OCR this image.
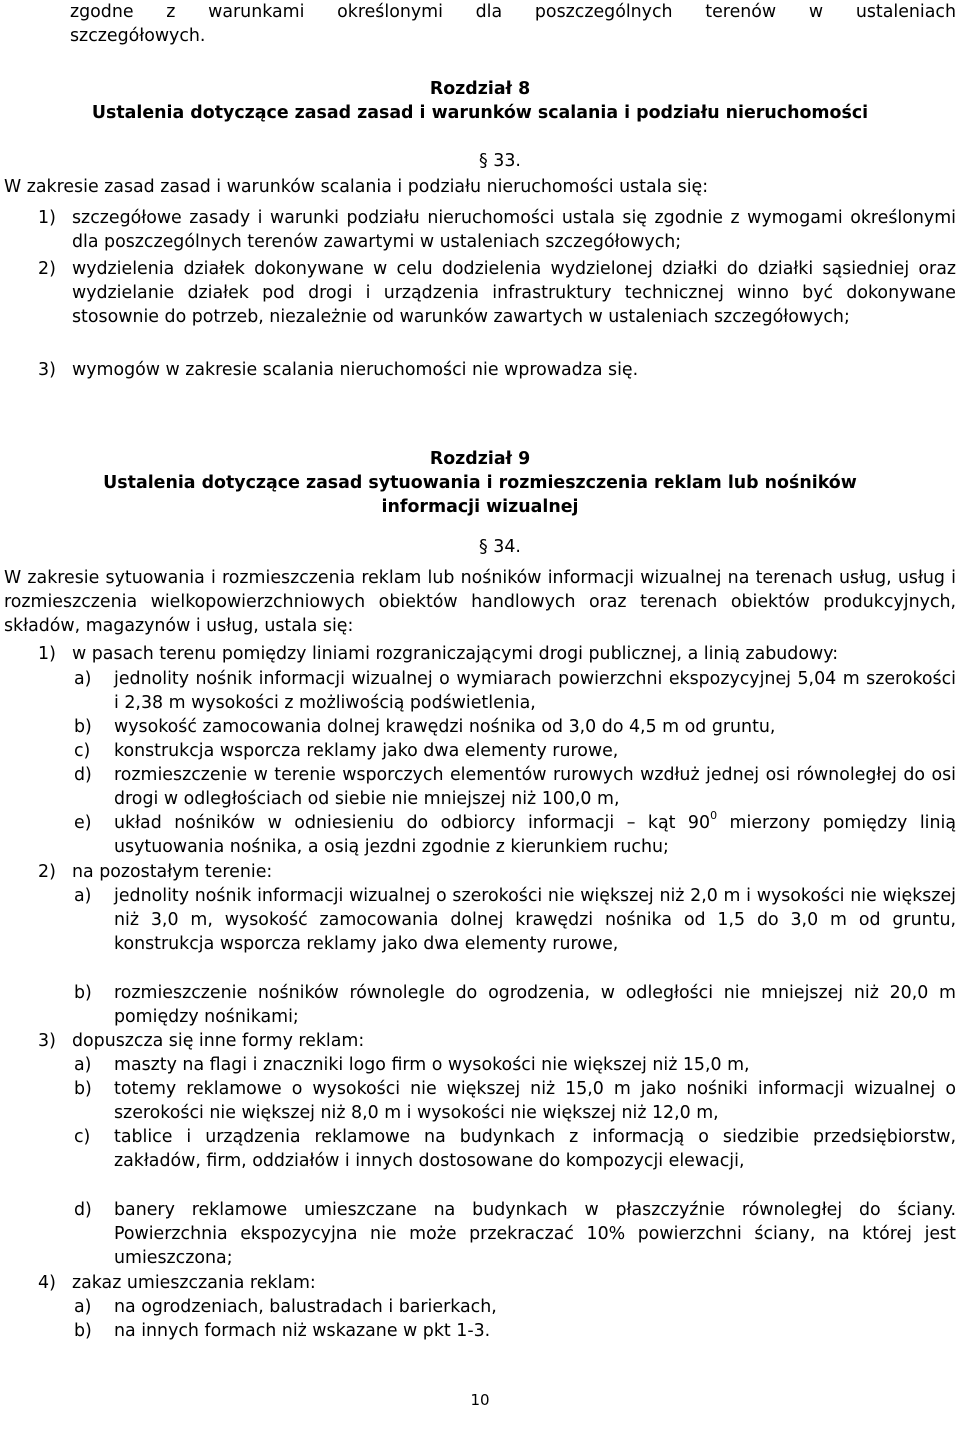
zgodne z warunkami określonymi dla poszczególnych terenów w ustaleniach

szczegółowych.

Rozdział 8

Ustalenia dotyczące zasad zasad i warunków scalania i podziału nieruchomości

§ 33.

W zakresie zasad zasad i warunków scalania i podziału nieruchomości ustala się:

1) szczegółowe zasady i warunki podziału nieruchomości ustala się zgodnie z wymogami określonymi dla poszczególnych terenów zawartymi w ustaleniach szczegółowych;
2) wydzielenia działek dokonywane w celu dodzielenia wydzielonej działki do działki sąsiedniej oraz wydzielanie działek pod drogi i urządzenia infrastruktury technicznej winno być dokonywane stosownie do potrzeb, niezależnie od warunków zawartych w ustaleniach szczegółowych;
3) wymogów w zakresie scalania nieruchomości nie wprowadza się.

Rozdział 9

Ustalenia dotyczące zasad sytuowania i rozmieszczenia reklam lub nośników

informacji wizualnej

§ 34.

W zakresie sytuowania i rozmieszczenia reklam lub nośników informacji wizualnej na terenach usług, usług i rozmieszczenia wielkopowierzchniowych obiektów handlowych oraz terenach obiektów produkcyjnych, składów, magazynów i usług, ustala się:

1) w pasach terenu pomiędzy liniami rozgraniczającymi drogi publicznej, a linią zabudowy:
a)	jednolity nośnik informacji wizualnej o wymiarach powierzchni ekspozycyjnej 5,04 m szerokości i 2,38 m wysokości z możliwością podświetlenia,
b)	wysokość zamocowania dolnej krawędzi nośnika od 3,0 do 4,5 m od gruntu,
c)	konstrukcja wsporcza reklamy jako dwa elementy rurowe,
d)	rozmieszczenie w terenie wsporczych elementów rurowych wzdłuż jednej osi równoległej do osi drogi w odległościach od siebie nie mniejszej niż 100,0 m,
e)	układ nośników w odniesieniu do odbiorcy informacji – kąt $90^0$ mierzony pomiędzy linią usytuowania nośnika, a osią jezdni zgodnie z kierunkiem ruchu;
2) na pozostałym terenie:
a)	jednolity nośnik informacji wizualnej o szerokości nie większej niż 2,0 m i wysokości nie większej niż 3,0 m, wysokość zamocowania dolnej krawędzi nośnika od 1,5 do 3,0 m od gruntu, konstrukcja wsporcza reklamy jako dwa elementy rurowe,
b)	rozmieszczenie nośników równolegle do ogrodzenia, w odległości nie mniejszej niż 20,0 m pomiędzy nośnikami;
3) dopuszcza się inne formy reklam:
a)	maszty na flagi i znaczniki logo firm o wysokości nie większej niż 15,0 m,
b)	totemy reklamowe o wysokości nie większej niż 15,0 m jako nośniki informacji wizualnej o szerokości nie większej niż 8,0 m i wysokości nie większej niż 12,0 m,
c)	tablice i urządzenia reklamowe na budynkach z informacją o siedzibie przedsiębiorstw, zakładów, firm, oddziałów i innych dostosowane do kompozycji elewacji,
d)	banery reklamowe umieszczane na budynkach w płaszczyźnie równoległej do ściany. Powierzchnia ekspozycyjna nie może przekraczać 10% powierzchni ściany, na której jest umieszczona;
4) zakaz umieszczania reklam:
a)	na ogrodzeniach, balustradach i barierkach,
b)	na innych formach niż wskazane w pkt 1-3.

10
